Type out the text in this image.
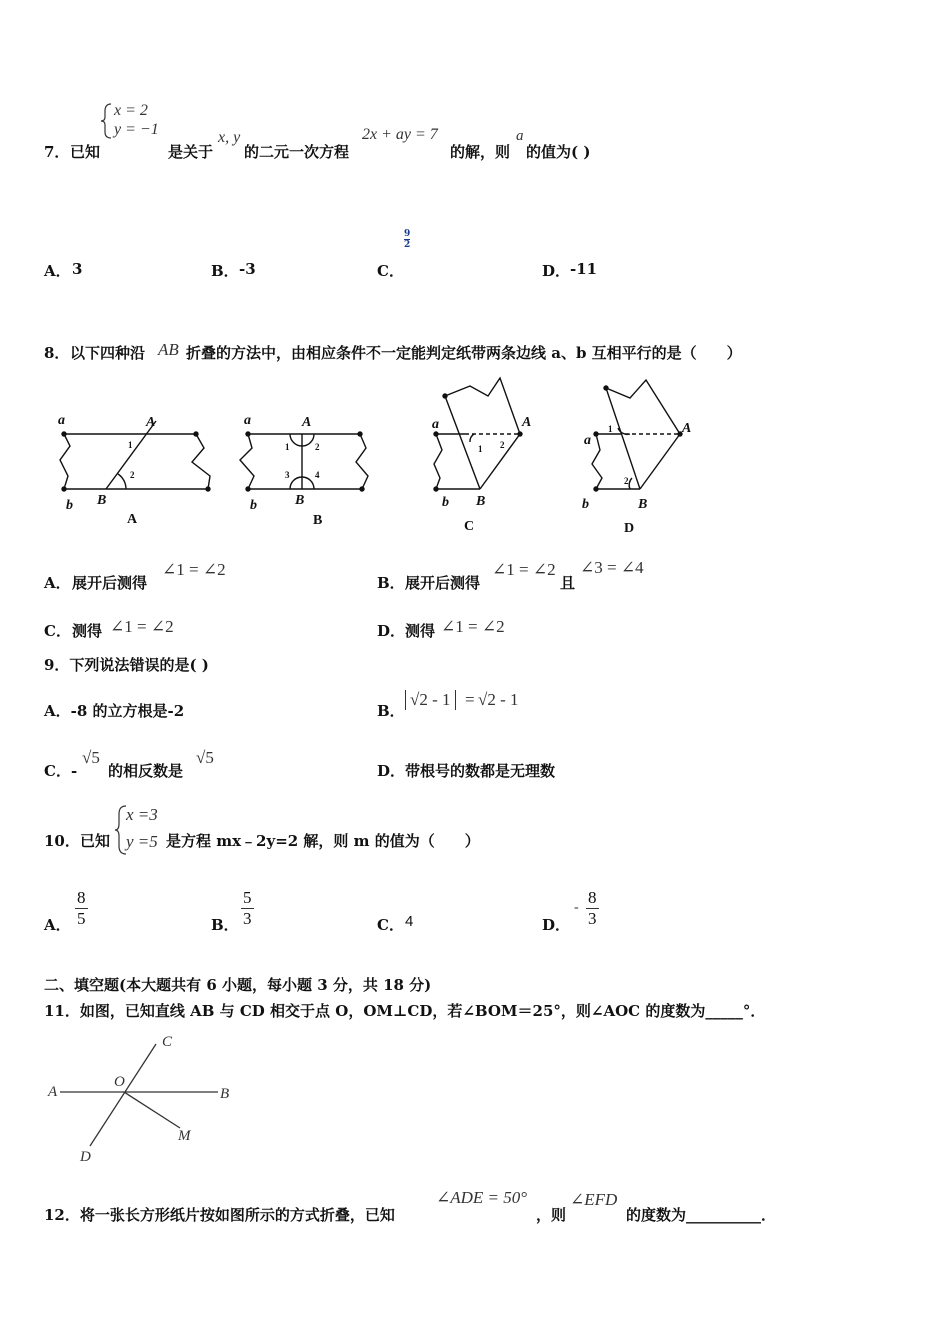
x = 2
y = −1
7． 已知	是关于
x, y
的二元一次方程
2x + ay = 7
的解，则
a
的值为( )
A． 3	B． -3	C．
$\frac{9}{2}$
D． -11
8． 以下四种沿 AB 折叠的方法中，由相应条件不一定能判定纸带两条边线 a、b 互相平行的是（　　）
a	A
1
2
b B
A
a	A
1	2
3	4
b	B
B
a	A
1 2
b B
C
a
A
1
2
b	B
D
A． 展开后测得
∠1 = ∠2
B． 展开后测得
∠1 = ∠2
且
∠3 = ∠4
C． 测得 ∠1 = ∠2	D． 测得 ∠1 = ∠2
9．下列说法错误的是( )
A．-8 的立方根是-2	B．
√2 - 1 = √2 - 1
C．-
√5
的相反数是
√5
D．带根号的数都是无理数
x =3
y =5
10． 已知	是方程 mx﹣2y=2 解，则 m 的值为（　　）
A． $\frac{8}{5}$	B． $\frac{5}{3}$	C． 4	D．
- $\frac{8}{3}$
二、填空题(本大题共有 6 小题，每小题 3 分，共 18 分)
11．如图，已知直线 AB 与 CD 相交于点 O，OM⊥CD，若∠BOM＝25°，则∠AOC 的度数为_____°．
A	B
C
D
O
M
12．将一张长方形纸片按如图所示的方式折叠，已知
∠ADE = 50°
，则
∠EFD
的度数为__________．
